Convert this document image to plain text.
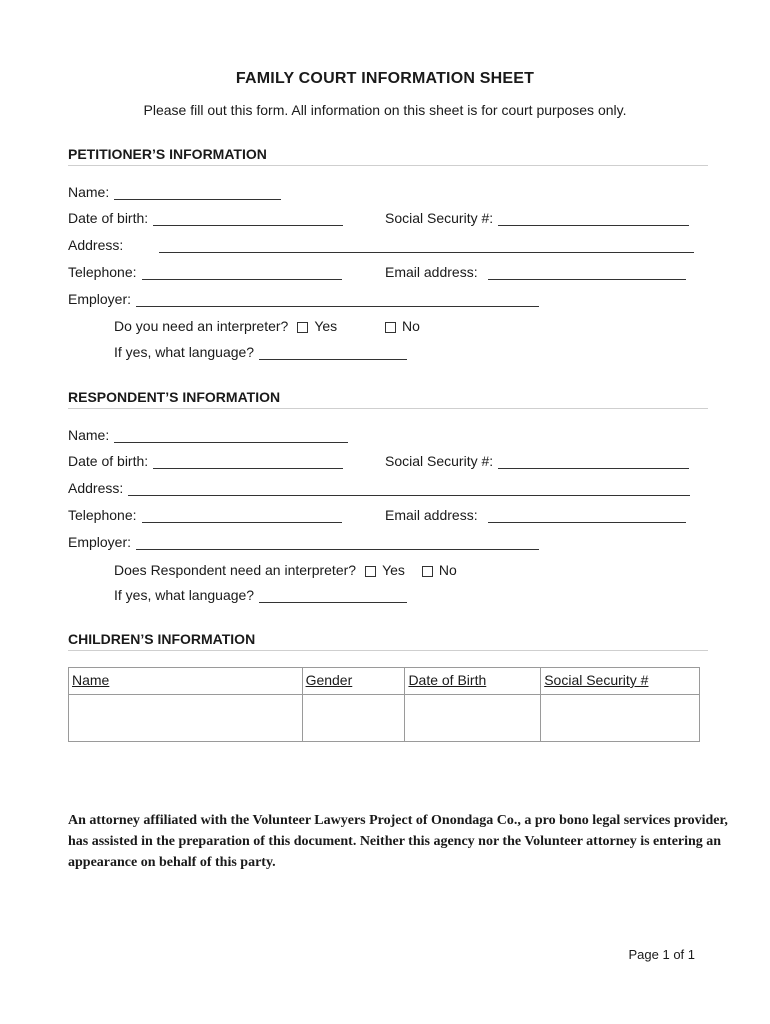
FAMILY COURT INFORMATION SHEET
Please fill out this form. All information on this sheet is for court purposes only.
PETITIONER’S INFORMATION
Name:
Date of birth:	Social Security #:
Address:
Telephone:	Email address:
Employer:
Do you need an interpreter? Yes	No
If yes, what language?
RESPONDENT’S INFORMATION
Name:
Date of birth:	Social Security #:
Address:
Telephone:	Email address:
Employer:
Does Respondent need an interpreter? Yes No
If yes, what language?
CHILDREN’S INFORMATION
Name	Gender	Date of Birth	Social Security #

An attorney affiliated with the Volunteer Lawyers Project of Onondaga Co., a pro bono legal services provider, has assisted in the preparation of this document. Neither this agency nor the Volunteer attorney is entering an appearance on behalf of this party.
Page 1 of 1
